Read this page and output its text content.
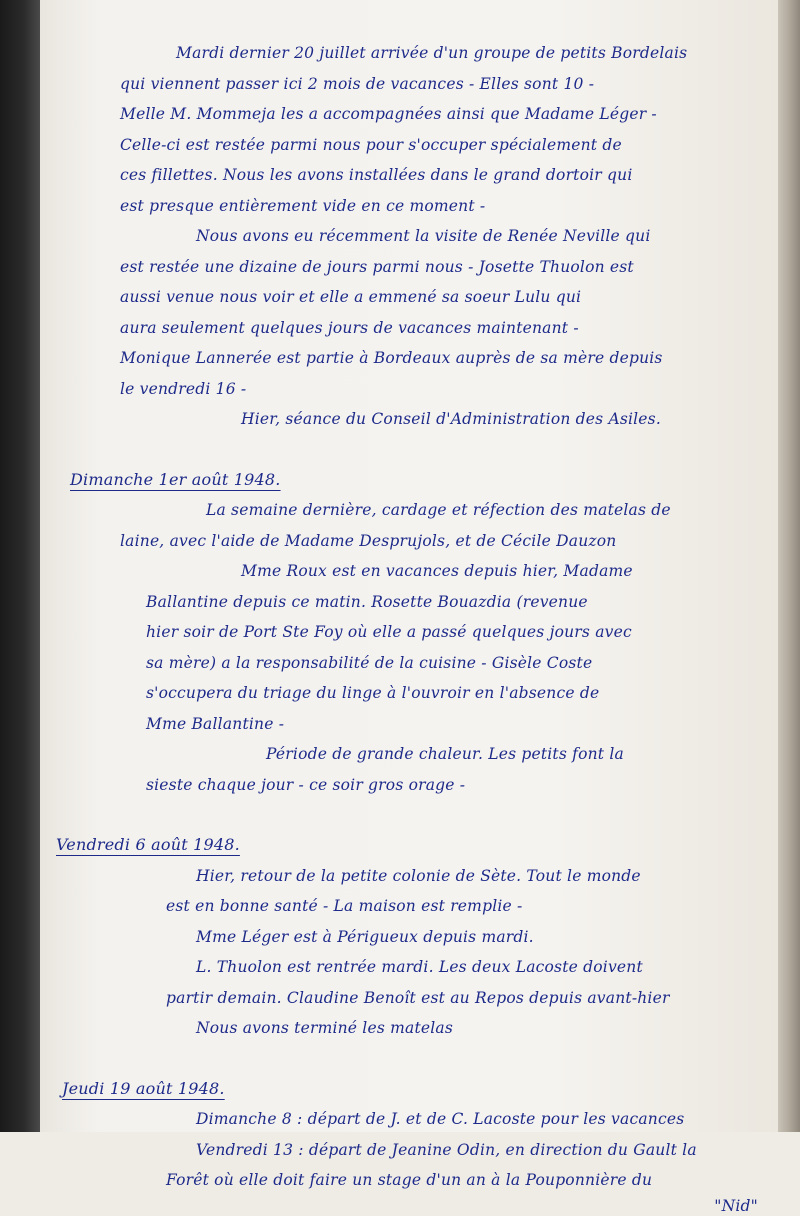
Mardi dernier 20 juillet arrivée d'un groupe de petits Bordelais
qui viennent passer ici 2 mois de vacances - Elles sont 10 -
Melle M. Mommeja les a accompagnées ainsi que Madame Léger -
Celle-ci est restée parmi nous pour s'occuper spécialement de
ces fillettes. Nous les avons installées dans le grand dortoir qui
est presque entièrement vide en ce moment -
Nous avons eu récemment la visite de Renée Neville qui
est restée une dizaine de jours parmi nous - Josette Thuolon est
aussi venue nous voir et elle a emmené sa soeur Lulu qui
aura seulement quelques jours de vacances maintenant -
Monique Lannerée est partie à Bordeaux auprès de sa mère depuis
le vendredi 16 -
Hier, séance du Conseil d'Administration des Asiles.
Dimanche 1er août 1948.
La semaine dernière, cardage et réfection des matelas de
laine, avec l'aide de Madame Desprujols, et de Cécile Dauzon
Mme Roux est en vacances depuis hier, Madame
Ballantine depuis ce matin. Rosette Bouazdia (revenue
hier soir de Port Ste Foy où elle a passé quelques jours avec
sa mère) a la responsabilité de la cuisine - Gisèle Coste
s'occupera du triage du linge à l'ouvroir en l'absence de
Mme Ballantine -
Période de grande chaleur. Les petits font la
sieste chaque jour - ce soir gros orage -
Vendredi 6 août 1948.
Hier, retour de la petite colonie de Sète. Tout le monde
est en bonne santé - La maison est remplie -
Mme Léger est à Périgueux depuis mardi.
L. Thuolon est rentrée mardi. Les deux Lacoste doivent
partir demain. Claudine Benoît est au Repos depuis avant-hier
Nous avons terminé les matelas
Jeudi 19 août 1948.
Dimanche 8 : départ de J. et de C. Lacoste pour les vacances
Vendredi 13 : départ de Jeanine Odin, en direction du Gault la
Forêt où elle doit faire un stage d'un an à la Pouponnière du
"Nid"
